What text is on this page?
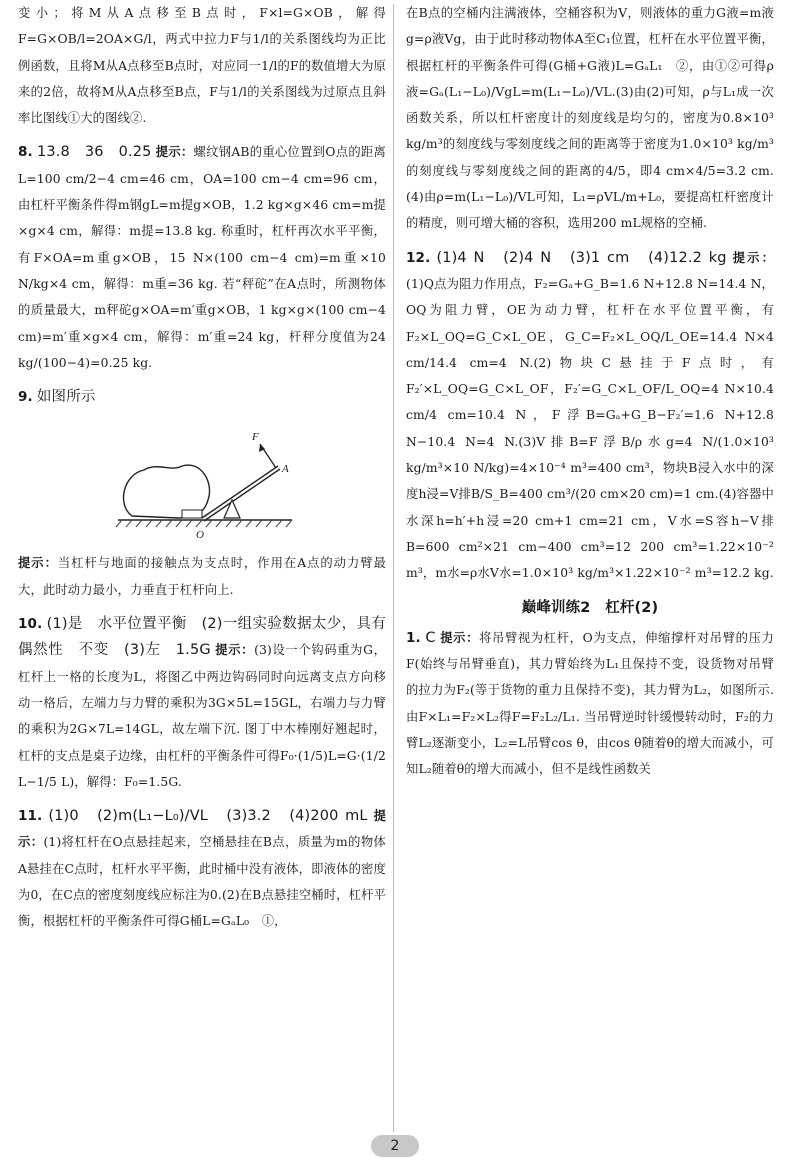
变小；将M从A点移至B点时，F×l=G×OB，解得F=G×OB/l=2OA×G/l，两式中拉力F与1/l的关系图线均为正比例函数，且将M从A点移至B点时，对应同一1/l的F的数值增大为原来的2倍，故将M从A点移至B点，F与1/l的关系图线为过原点且斜率比图线①大的图线②.

8. 13.8　36　0.25 提示：螺纹钢AB的重心位置到O点的距离L=100 cm/2−4 cm=46 cm，OA=100 cm−4 cm=96 cm，由杠杆平衡条件得m钢gL=m提g×OB，1.2 kg×g×46 cm=m提×g×4 cm，解得：m提=13.8 kg. 称重时，杠杆再次水平平衡，有F×OA=m重g×OB，15 N×(100 cm−4 cm)=m重×10 N/kg×4 cm，解得：m重=36 kg. 若“秤砣”在A点时，所测物体的质量最大，m秤砣g×OA=m′重g×OB，1 kg×g×(100 cm−4 cm)=m′重×g×4 cm，解得：m′重=24 kg，杆秤分度值为24 kg/(100−4)=0.25 kg.

9. 如图所示

F
A
O

提示：当杠杆与地面的接触点为支点时，作用在A点的动力臂最大，此时动力最小，力垂直于杠杆向上.

10. (1)是　水平位置平衡　(2)一组实验数据太少，具有偶然性　不变　(3)左　1.5G 提示：(3)设一个钩码重为G，杠杆上一格的长度为L，将图乙中两边钩码同时向远离支点方向移动一格后，左端力与力臂的乘积为3G×5L=15GL，右端力与力臂的乘积为2G×7L=14GL，故左端下沉. 图丁中木棒刚好翘起时，杠杆的支点是桌子边缘，由杠杆的平衡条件可得F₀·(1/5)L=G·(1/2 L−1/5 L)，解得：F₀=1.5G.

11. (1)0　(2)m(L₁−L₀)/VL　(3)3.2　(4)200 mL 提示：(1)将杠杆在O点悬挂起来，空桶悬挂在B点，质量为m的物体A悬挂在C点时，杠杆水平平衡，此时桶中没有液体，即液体的密度为0，在C点的密度刻度线应标注为0.(2)在B点悬挂空桶时，杠杆平衡，根据杠杆的平衡条件可得G桶L=GₐL₀　①，

在B点的空桶内注满液体，空桶容积为V，则液体的重力G液=m液g=ρ液Vg，由于此时移动物体A至C₁位置，杠杆在水平位置平衡，根据杠杆的平衡条件可得(G桶+G液)L=GₐL₁　②，由①②可得ρ液=Gₐ(L₁−L₀)/VgL=m(L₁−L₀)/VL.(3)由(2)可知，ρ与L₁成一次函数关系，所以杠杆密度计的刻度线是均匀的，密度为0.8×10³ kg/m³的刻度线与零刻度线之间的距离等于密度为1.0×10³ kg/m³的刻度线与零刻度线之间的距离的4/5，即4 cm×4/5=3.2 cm.(4)由ρ=m(L₁−L₀)/VL可知，L₁=ρVL/m+L₀，要提高杠杆密度计的精度，则可增大桶的容积，选用200 mL规格的空桶.

12. (1)4 N　(2)4 N　(3)1 cm　(4)12.2 kg 提示：(1)Q点为阻力作用点，F₂=Gₐ+G_B=1.6 N+12.8 N=14.4 N，OQ为阻力臂，OE为动力臂，杠杆在水平位置平衡，有F₂×L_OQ=G_C×L_OE，G_C=F₂×L_OQ/L_OE=14.4 N×4 cm/14.4 cm=4 N.(2)物块C悬挂于F点时，有F₂′×L_OQ=G_C×L_OF，F₂′=G_C×L_OF/L_OQ=4 N×10.4 cm/4 cm=10.4 N，F浮B=Gₐ+G_B−F₂′=1.6 N+12.8 N−10.4 N=4 N.(3)V排B=F浮B/ρ水g=4 N/(1.0×10³ kg/m³×10 N/kg)=4×10⁻⁴ m³=400 cm³，物块B浸入水中的深度h浸=V排B/S_B=400 cm³/(20 cm×20 cm)=1 cm.(4)容器中水深h=h′+h浸=20 cm+1 cm=21 cm，V水=S容h−V排B=600 cm²×21 cm−400 cm³=12 200 cm³=1.22×10⁻² m³，m水=ρ水V水=1.0×10³ kg/m³×1.22×10⁻² m³=12.2 kg.

巅峰训练2　杠杆(2)

1. C 提示：将吊臂视为杠杆，O为支点，伸缩撑杆对吊臂的压力F(始终与吊臂垂直)，其力臂始终为L₁且保持不变，设货物对吊臂的拉力为F₂(等于货物的重力且保持不变)，其力臂为L₂，如图所示. 由F×L₁=F₂×L₂得F=F₂L₂/L₁. 当吊臂逆时针缓慢转动时，F₂的力臂L₂逐渐变小，L₂=L吊臂cos θ，由cos θ随着θ的增大而减小，可知L₂随着θ的增大而减小，但不是线性函数关

2
